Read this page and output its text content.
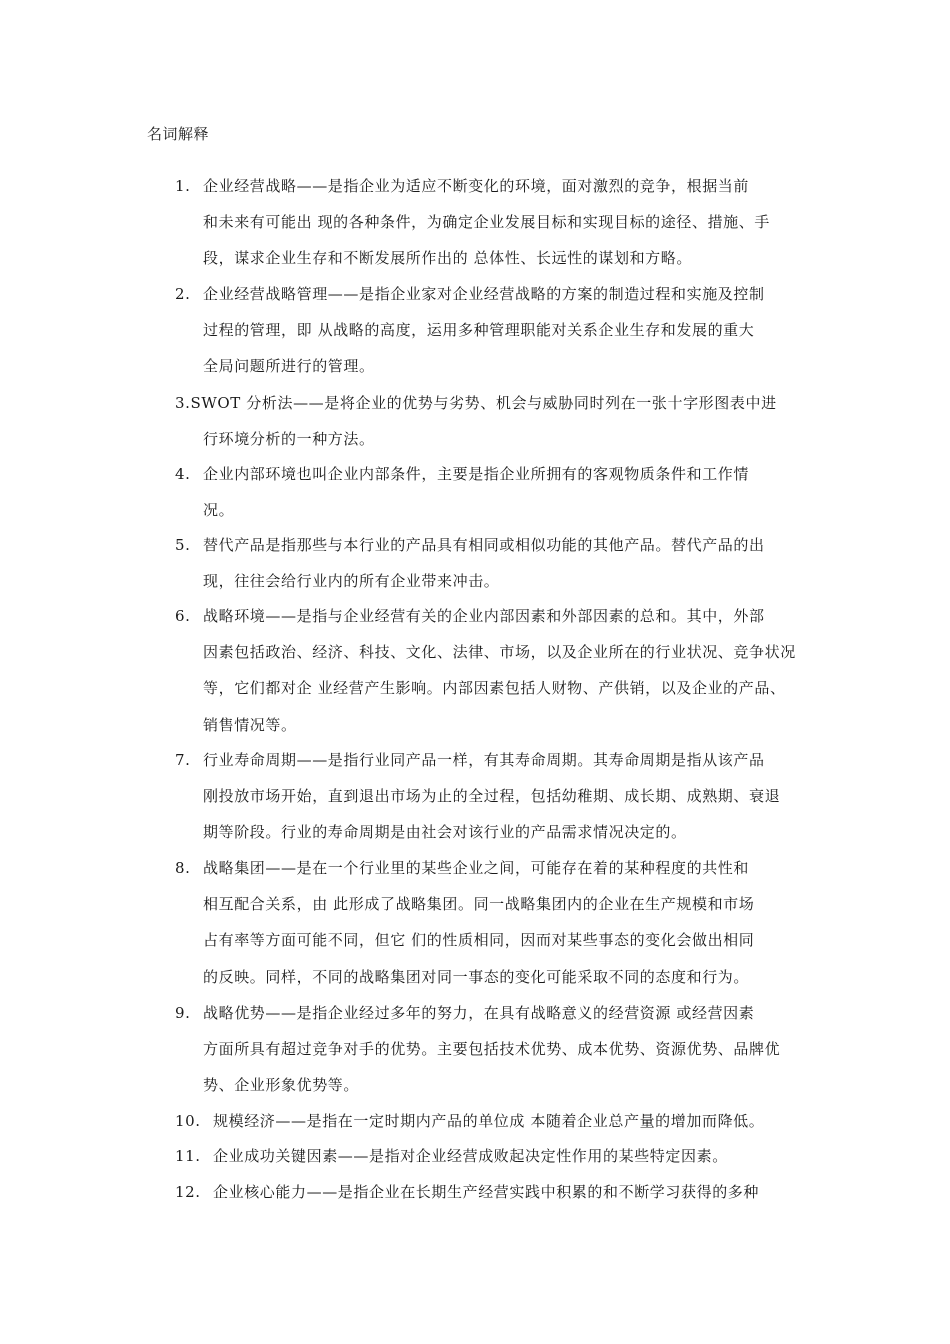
名词解释
1. 企业经营战略——是指企业为适应不断变化的环境，面对激烈的竞争，根据当前
和未来有可能出 现的各种条件，为确定企业发展目标和实现目标的途径、措施、手
段，谋求企业生存和不断发展所作出的 总体性、长远性的谋划和方略。
2. 企业经营战略管理——是指企业家对企业经营战略的方案的制造过程和实施及控制
过程的管理，即 从战略的高度，运用多种管理职能对关系企业生存和发展的重大
全局问题所进行的管理。
3.SWOT 分析法——是将企业的优势与劣势、机会与威胁同时列在一张十字形图表中进
行环境分析的一种方法。
4. 企业内部环境也叫企业内部条件，主要是指企业所拥有的客观物质条件和工作情
况。
5. 替代产品是指那些与本行业的产品具有相同或相似功能的其他产品。替代产品的出
现，往往会给行业内的所有企业带来冲击。
6. 战略环境——是指与企业经营有关的企业内部因素和外部因素的总和。其中，外部
因素包括政治、经济、科技、文化、法律、市场，以及企业所在的行业状况、竞争状况
等，它们都对企 业经营产生影响。内部因素包括人财物、产供销，以及企业的产品、
销售情况等。
7. 行业寿命周期——是指行业同产品一样，有其寿命周期。其寿命周期是指从该产品
刚投放市场开始，直到退出市场为止的全过程，包括幼稚期、成长期、成熟期、衰退
期等阶段。行业的寿命周期是由社会对该行业的产品需求情况决定的。
8. 战略集团——是在一个行业里的某些企业之间，可能存在着的某种程度的共性和
相互配合关系，由 此形成了战略集团。同一战略集团内的企业在生产规模和市场
占有率等方面可能不同，但它 们的性质相同，因而对某些事态的变化会做出相同
的反映。同样，不同的战略集团对同一事态的变化可能采取不同的态度和行为。
9. 战略优势——是指企业经过多年的努力，在具有战略意义的经营资源 或经营因素
方面所具有超过竞争对手的优势。主要包括技术优势、成本优势、资源优势、品牌优
势、企业形象优势等。
10. 规模经济——是指在一定时期内产品的单位成 本随着企业总产量的增加而降低。
11. 企业成功关键因素——是指对企业经营成败起决定性作用的某些特定因素。
12. 企业核心能力——是指企业在长期生产经营实践中积累的和不断学习获得的多种
